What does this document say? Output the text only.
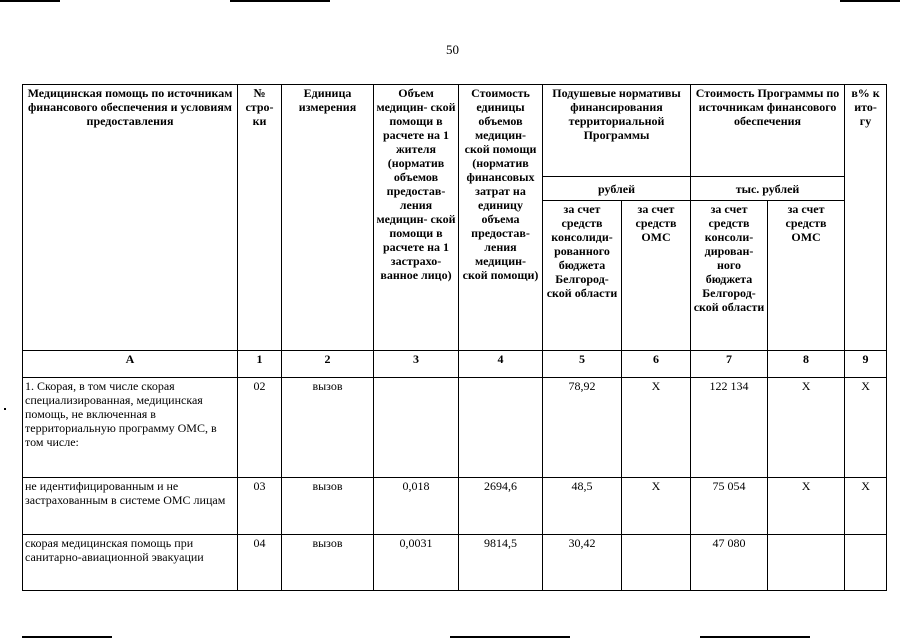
50
Медицинская помощь по источникам финансового обеспечения и условиям предоставления	№ стро- ки	Единица измерения	Объем медицин- ской помощи в расчете на 1 жителя (норматив объемов предостав- ления медицин- ской помощи в расчете на 1 застрахо- ванное лицо)	Стоимость единицы объемов медицин- ской помощи (норматив финансовых затрат на единицу объема предостав- ления медицин- ской помощи)	Подушевые нормативы финансирования территориальной Программы		Стоимость Программы по источникам финансового обеспечения		в% к ито- гу
					рублей		тыс. рублей		
					за счет средств консолиди- рованного бюджета Белгород- ской области	за счет средств ОМС	за счет средств консоли- дирован- ного бюджета Белгород- ской области	за счет средств ОМС	
А	1	2	3	4	5	6	7	8	9
1. Скорая, в том числе скорая специализированная, медицинская помощь, не включенная в территориальную программу ОМС, в том числе:	02	вызов			78,92	Х	122 134	Х	Х
не идентифицированным и не застрахованным в системе ОМС лицам	03	вызов	0,018	2694,6	48,5	Х	75 054	Х	Х
скорая медицинская помощь при санитарно-авиационной эвакуации	04	вызов	0,0031	9814,5	30,42		47 080		
